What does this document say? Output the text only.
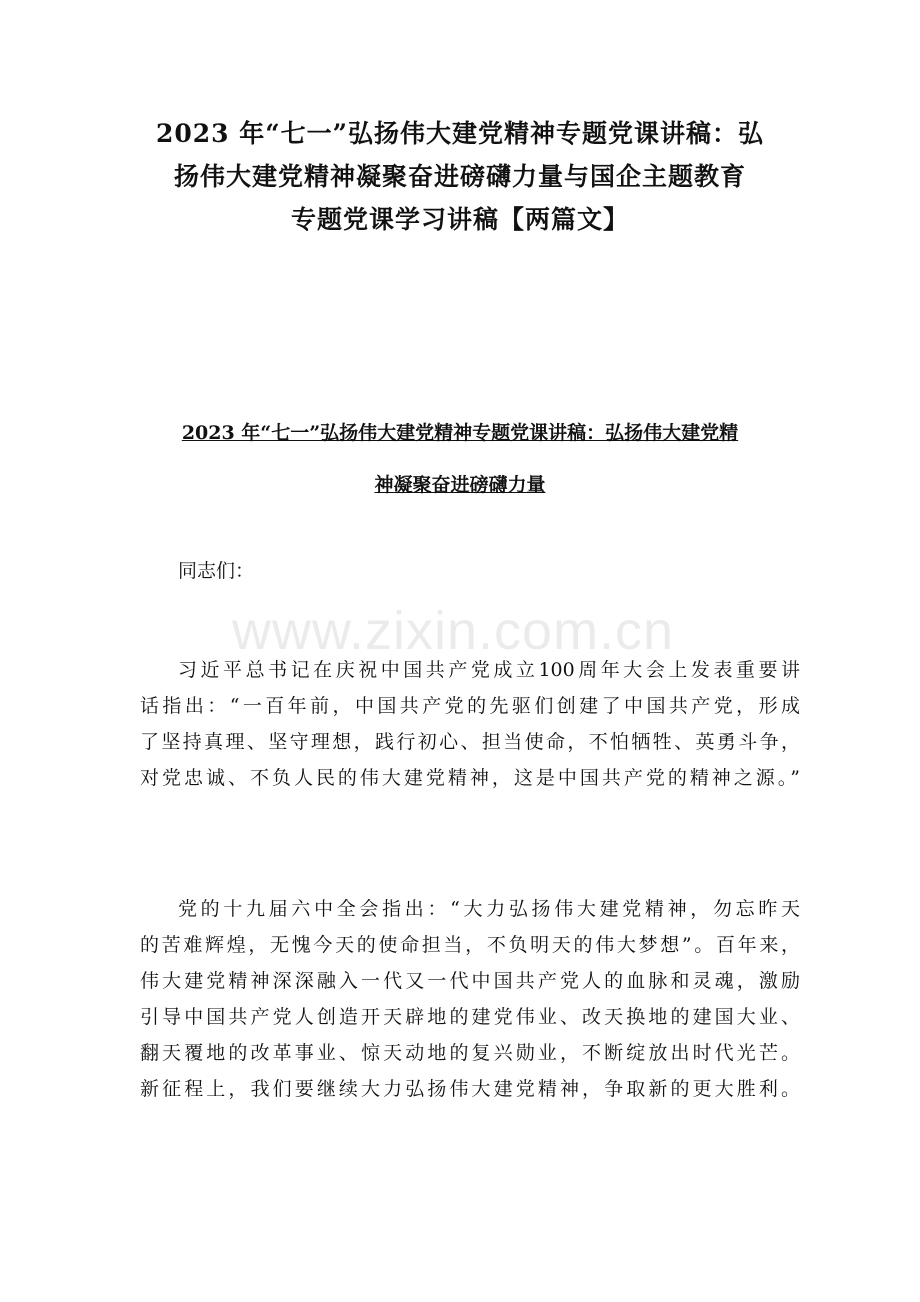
www.zixin.com.cn
2023 年“七一”弘扬伟大建党精神专题党课讲稿：弘
扬伟大建党精神凝聚奋进磅礴力量与国企主题教育
专题党课学习讲稿【两篇文】
2023 年“七一”弘扬伟大建党精神专题党课讲稿：弘扬伟大建党精
神凝聚奋进磅礴力量
同志们：
习近平总书记在庆祝中国共产党成立100周年大会上发表重要讲
话指出：“一百年前，中国共产党的先驱们创建了中国共产党，形成
了坚持真理、坚守理想，践行初心、担当使命，不怕牺牲、英勇斗争，
对党忠诚、不负人民的伟大建党精神，这是中国共产党的精神之源。”
党的十九届六中全会指出：“大力弘扬伟大建党精神，勿忘昨天
的苦难辉煌，无愧今天的使命担当，不负明天的伟大梦想”。百年来，
伟大建党精神深深融入一代又一代中国共产党人的血脉和灵魂，激励
引导中国共产党人创造开天辟地的建党伟业、改天换地的建国大业、
翻天覆地的改革事业、惊天动地的复兴勋业，不断绽放出时代光芒。
新征程上，我们要继续大力弘扬伟大建党精神，争取新的更大胜利。
